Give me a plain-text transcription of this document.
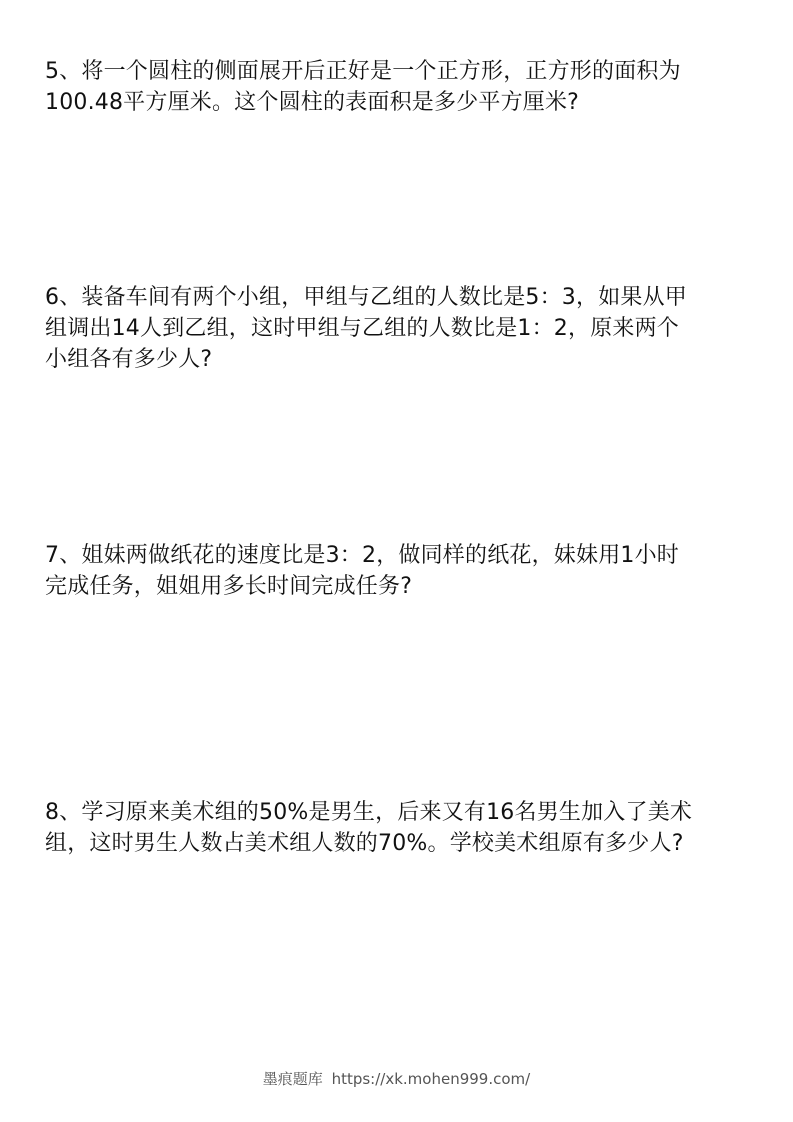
5、将一个圆柱的侧面展开后正好是一个正方形，正方形的面积为
100.48平方厘米。这个圆柱的表面积是多少平方厘米?
6、装备车间有两个小组，甲组与乙组的人数比是5：3，如果从甲
组调出14人到乙组，这时甲组与乙组的人数比是1：2，原来两个
小组各有多少人?
7、姐妹两做纸花的速度比是3：2，做同样的纸花，妹妹用1小时
完成任务，姐姐用多长时间完成任务?
8、学习原来美术组的50%是男生，后来又有16名男生加入了美术
组，这时男生人数占美术组人数的70%。学校美术组原有多少人?
墨痕题库 https://xk.mohen999.com/
